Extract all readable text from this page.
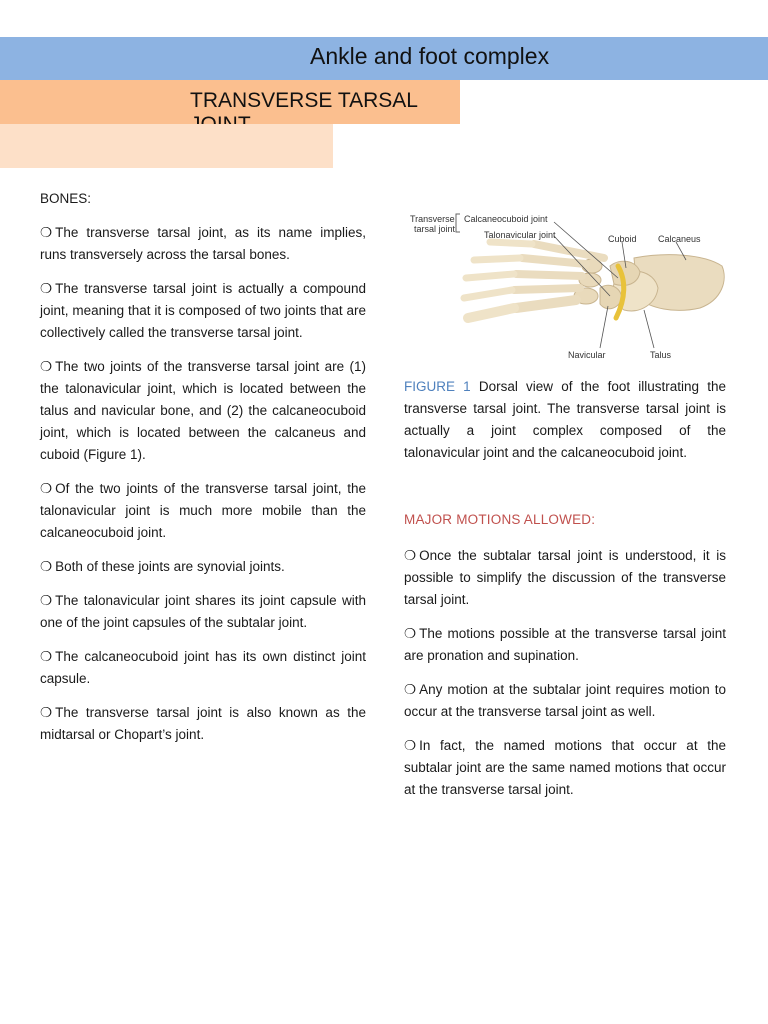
Ankle and foot complex
TRANSVERSE TARSAL
BONES:

❍ The transverse tarsal joint, as its name implies, runs transversely across the tarsal bones.

❍ The transverse tarsal joint is actually a compound joint, meaning that it is composed of two joints that are collectively called the transverse tarsal joint.

❍ The two joints of the transverse tarsal joint are (1) the talonavicular joint, which is located between the talus and navicular bone, and (2) the calcaneocuboid joint, which is located between the calcaneus and cuboid (Figure 1).

❍ Of the two joints of the transverse tarsal joint, the talonavicular joint is much more mobile than the calcaneocuboid joint.

❍ Both of these joints are synovial joints.

❍ The talonavicular joint shares its joint capsule with one of the joint capsules of the subtalar joint.

❍ The calcaneocuboid joint has its own distinct joint capsule.

❍ The transverse tarsal joint is also known as the midtarsal or Chopart’s joint.

Transverse
tarsal joint
Calcaneocuboid joint
Talonavicular joint	Cuboid Calcaneus
Navicular	Talus

FIGURE 1 Dorsal view of the foot illustrating the transverse tarsal joint. The transverse tarsal joint is actually a joint complex composed of the talonavicular joint and the calcaneocuboid joint.

MAJOR MOTIONS ALLOWED:

❍ Once the subtalar tarsal joint is understood, it is possible to simplify the discussion of the transverse tarsal joint.

❍ The motions possible at the transverse tarsal joint are pronation and supination.

❍ Any motion at the subtalar joint requires motion to occur at the transverse tarsal joint as well.

❍ In fact, the named motions that occur at the subtalar joint are the same named motions that occur at the transverse tarsal joint.
